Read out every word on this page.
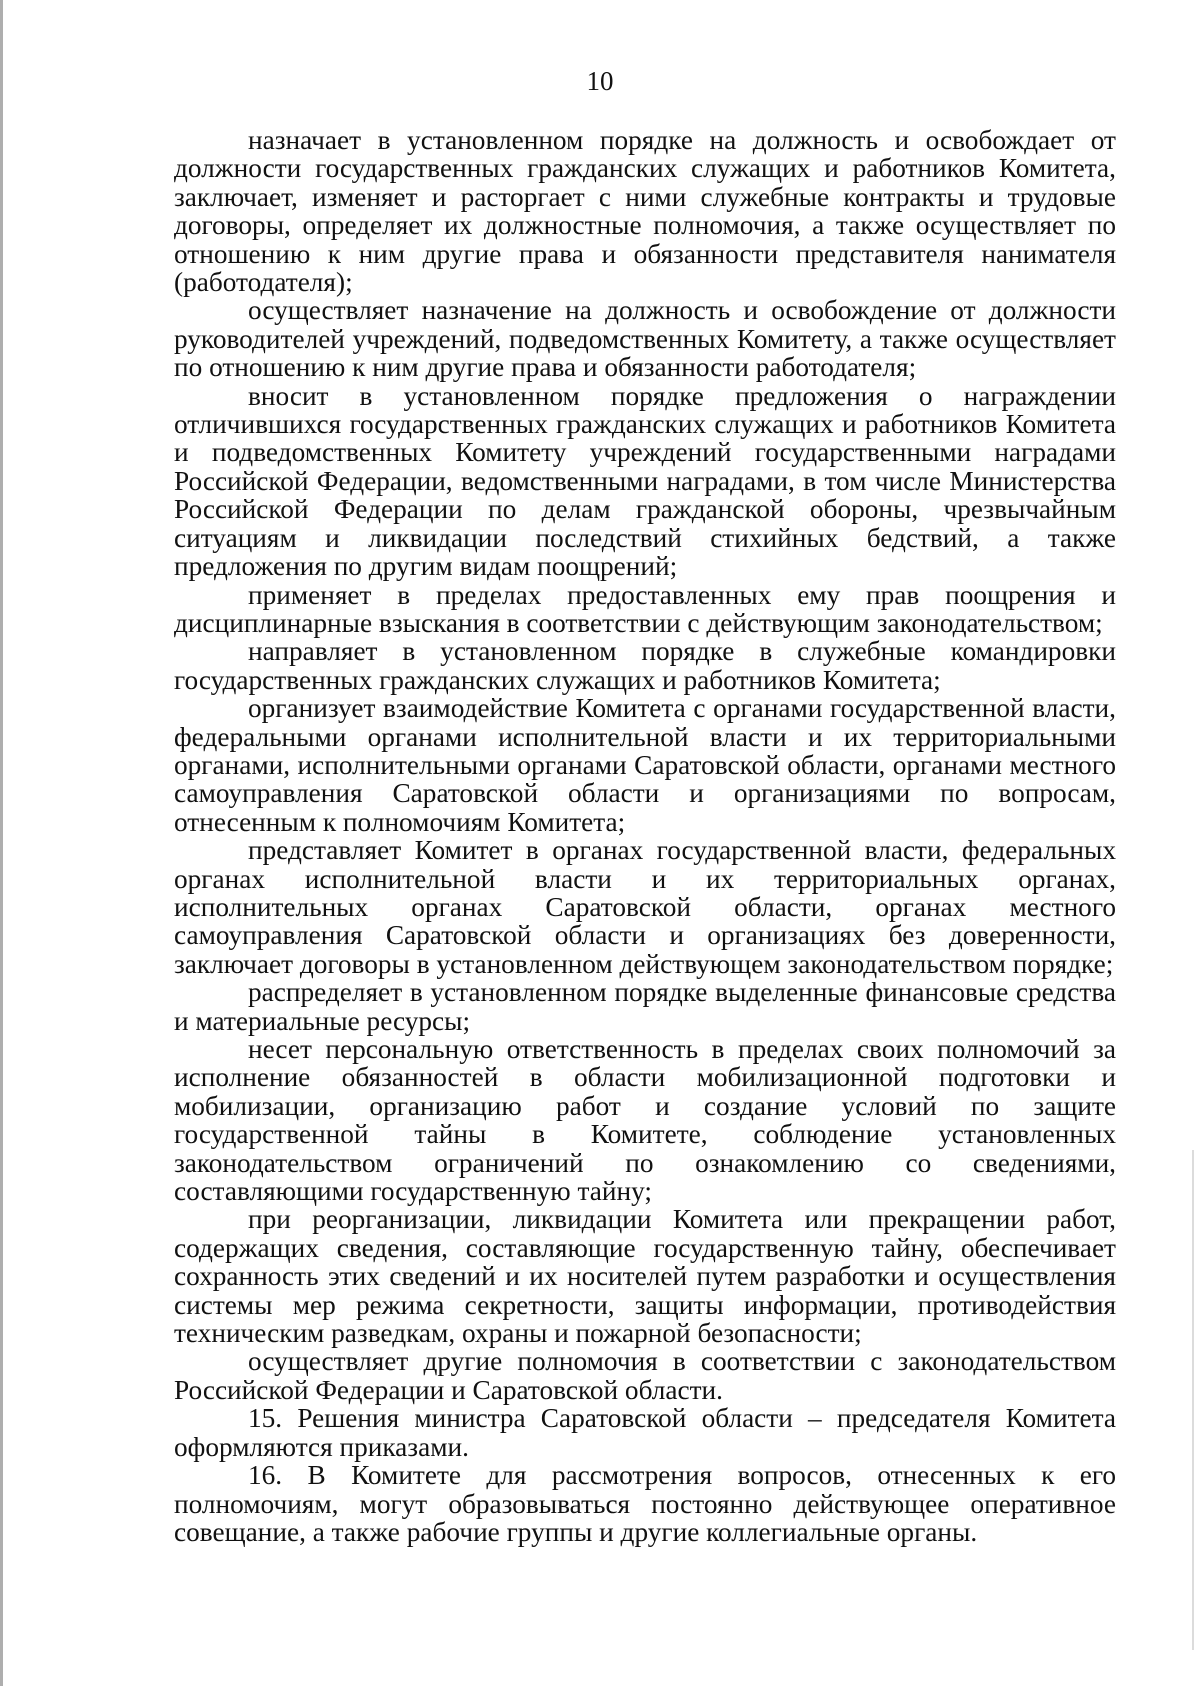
10

назначает в установленном порядке на должность и освобождает от должности государственных гражданских служащих и работников Комитета, заключает, изменяет и расторгает с ними служебные контракты и трудовые договоры, определяет их должностные полномочия, а также осуществляет по отношению к ним другие права и обязанности представителя нанимателя (работодателя);

осуществляет назначение на должность и освобождение от должности руководителей учреждений, подведомственных Комитету, а также осуществляет по отношению к ним другие права и обязанности работодателя;

вносит в установленном порядке предложения о награждении отличившихся государственных гражданских служащих и работников Комитета и подведомственных Комитету учреждений государственными наградами Российской Федерации, ведомственными наградами, в том числе Министерства Российской Федерации по делам гражданской обороны, чрезвычайным ситуациям и ликвидации последствий стихийных бедствий, а также предложения по другим видам поощрений;

применяет в пределах предоставленных ему прав поощрения и дисциплинарные взыскания в соответствии с действующим законодательством;

направляет в установленном порядке в служебные командировки государственных гражданских служащих и работников Комитета;

организует взаимодействие Комитета с органами государственной власти, федеральными органами исполнительной власти и их территориальными органами, исполнительными органами Саратовской области, органами местного самоуправления Саратовской области и организациями по вопросам, отнесенным к полномочиям Комитета;

представляет Комитет в органах государственной власти, федеральных органах исполнительной власти и их территориальных органах, исполнительных органах Саратовской области, органах местного самоуправления Саратовской области и организациях без доверенности, заключает договоры в установленном действующем законодательством порядке;

распределяет в установленном порядке выделенные финансовые средства и материальные ресурсы;

несет персональную ответственность в пределах своих полномочий за исполнение обязанностей в области мобилизационной подготовки и мобилизации, организацию работ и создание условий по защите государственной тайны в Комитете, соблюдение установленных законодательством ограничений по ознакомлению со сведениями, составляющими государственную тайну;

при реорганизации, ликвидации Комитета или прекращении работ, содержащих сведения, составляющие государственную тайну, обеспечивает сохранность этих сведений и их носителей путем разработки и осуществления системы мер режима секретности, защиты информации, противодействия техническим разведкам, охраны и пожарной безопасности;

осуществляет другие полномочия в соответствии с законодательством Российской Федерации и Саратовской области.

15. Решения министра Саратовской области – председателя Комитета оформляются приказами.

16. В Комитете для рассмотрения вопросов, отнесенных к его полномочиям, могут образовываться постоянно действующее оперативное совещание, а также рабочие группы и другие коллегиальные органы.
